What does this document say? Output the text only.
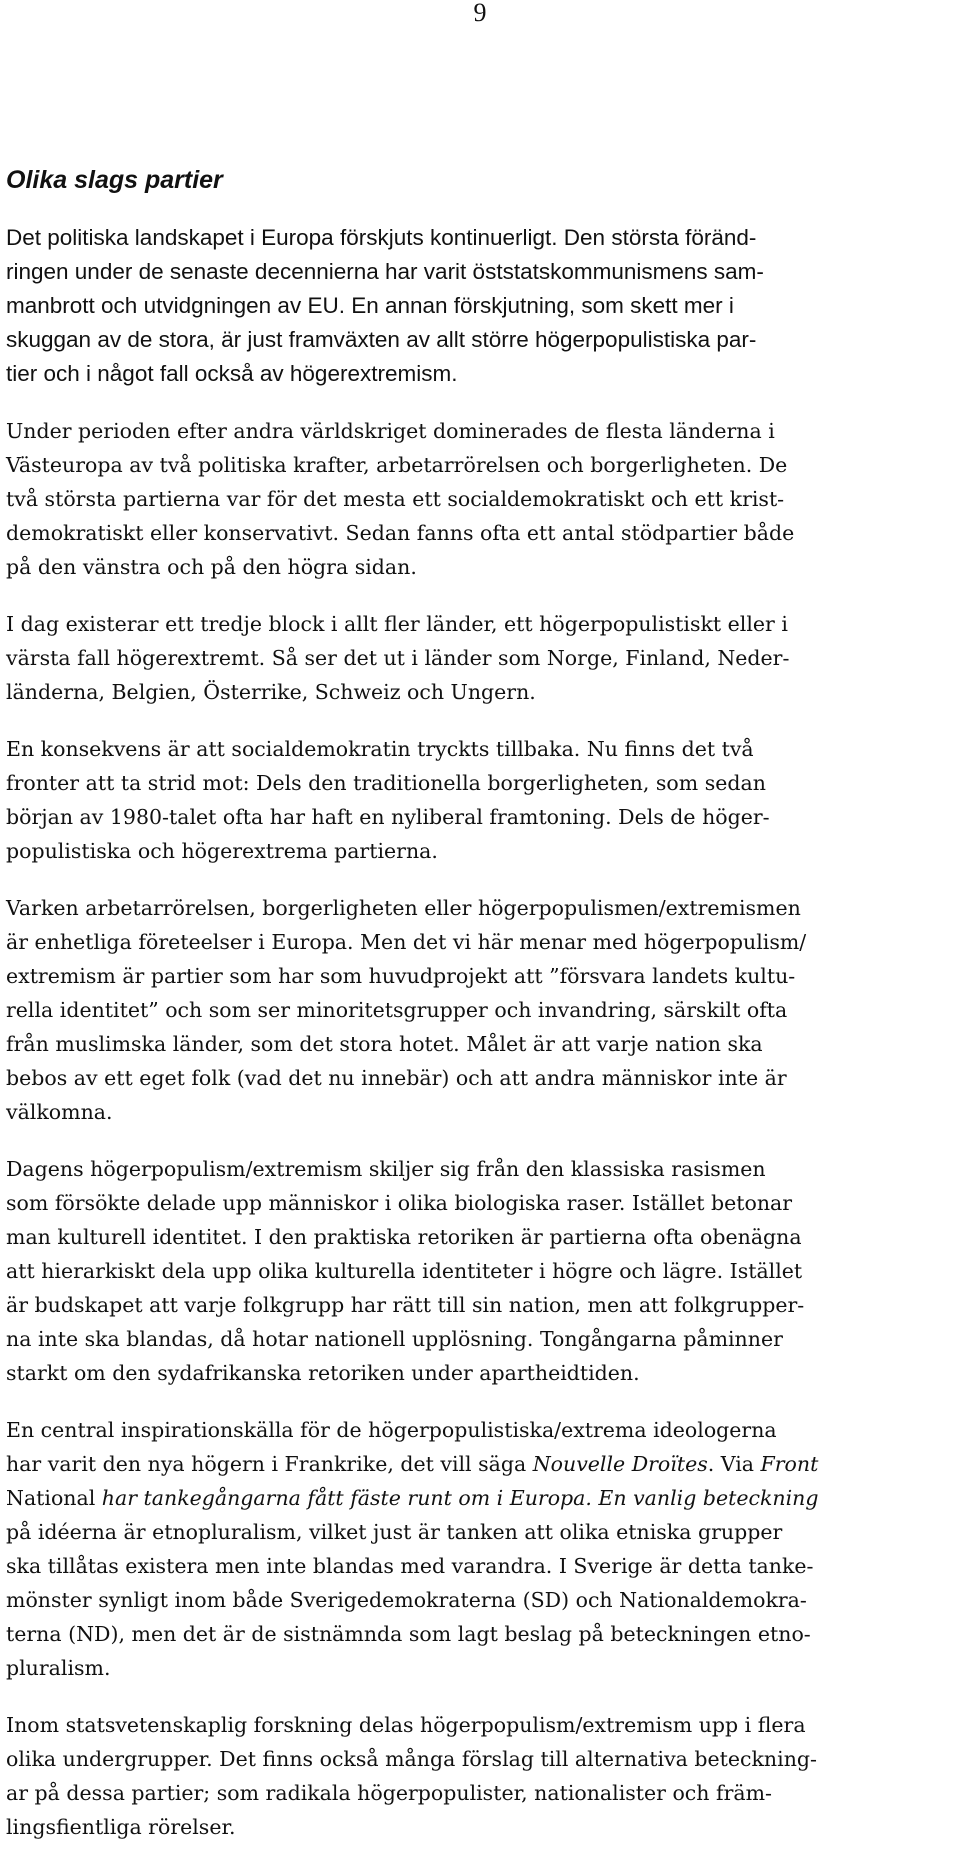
9
Olika slags partier
Det politiska landskapet i Europa förskjuts kontinuerligt. Den största föränd-
ringen under de senaste decennierna har varit öststatskommunismens sam-
manbrott och utvidgningen av EU. En annan förskjutning, som skett mer i
skuggan av de stora, är just framväxten av allt större högerpopulistiska par-
tier och i något fall också av högerextremism.
Under perioden efter andra världskriget dominerades de flesta länderna i
Västeuropa av två politiska krafter, arbetarrörelsen och borgerligheten. De
två största partierna var för det mesta ett socialdemokratiskt och ett krist-
demokratiskt eller konservativt. Sedan fanns ofta ett antal stödpartier både
på den vänstra och på den högra sidan.
I dag existerar ett tredje block i allt fler länder, ett högerpopulistiskt eller i
värsta fall högerextremt. Så ser det ut i länder som Norge, Finland, Neder-
länderna, Belgien, Österrike, Schweiz och Ungern.
En konsekvens är att socialdemokratin tryckts tillbaka. Nu finns det två
fronter att ta strid mot: Dels den traditionella borgerligheten, som sedan
början av 1980-talet ofta har haft en nyliberal framtoning. Dels de höger-
populistiska och högerextrema partierna.
Varken arbetarrörelsen, borgerligheten eller högerpopulismen/extremismen
är enhetliga företeelser i Europa. Men det vi här menar med högerpopulism/
extremism är partier som har som huvudprojekt att ”försvara landets kultu-
rella identitet” och som ser minoritetsgrupper och invandring, särskilt ofta
från muslimska länder, som det stora hotet. Målet är att varje nation ska
bebos av ett eget folk (vad det nu innebär) och att andra människor inte är
välkomna.
Dagens högerpopulism/extremism skiljer sig från den klassiska rasismen
som försökte delade upp människor i olika biologiska raser. Istället betonar
man kulturell identitet. I den praktiska retoriken är partierna ofta obenägna
att hierarkiskt dela upp olika kulturella identiteter i högre och lägre. Istället
är budskapet att varje folkgrupp har rätt till sin nation, men att folkgrupper-
na inte ska blandas, då hotar nationell upplösning. Tongångarna påminner
starkt om den sydafrikanska retoriken under apartheidtiden.
En central inspirationskälla för de högerpopulistiska/extrema ideologerna
har varit den nya högern i Frankrike, det vill säga Nouvelle Droïtes. Via Front
National har tankegångarna fått fäste runt om i Europa. En vanlig beteckning
på idéerna är etnopluralism, vilket just är tanken att olika etniska grupper
ska tillåtas existera men inte blandas med varandra. I Sverige är detta tanke-
mönster synligt inom både Sverigedemokraterna (SD) och Nationaldemokra-
terna (ND), men det är de sistnämnda som lagt beslag på beteckningen etno-
pluralism.
Inom statsvetenskaplig forskning delas högerpopulism/extremism upp i flera
olika undergrupper. Det finns också många förslag till alternativa beteckning-
ar på dessa partier; som radikala högerpopulister, nationalister och främ-
lingsfientliga rörelser.
